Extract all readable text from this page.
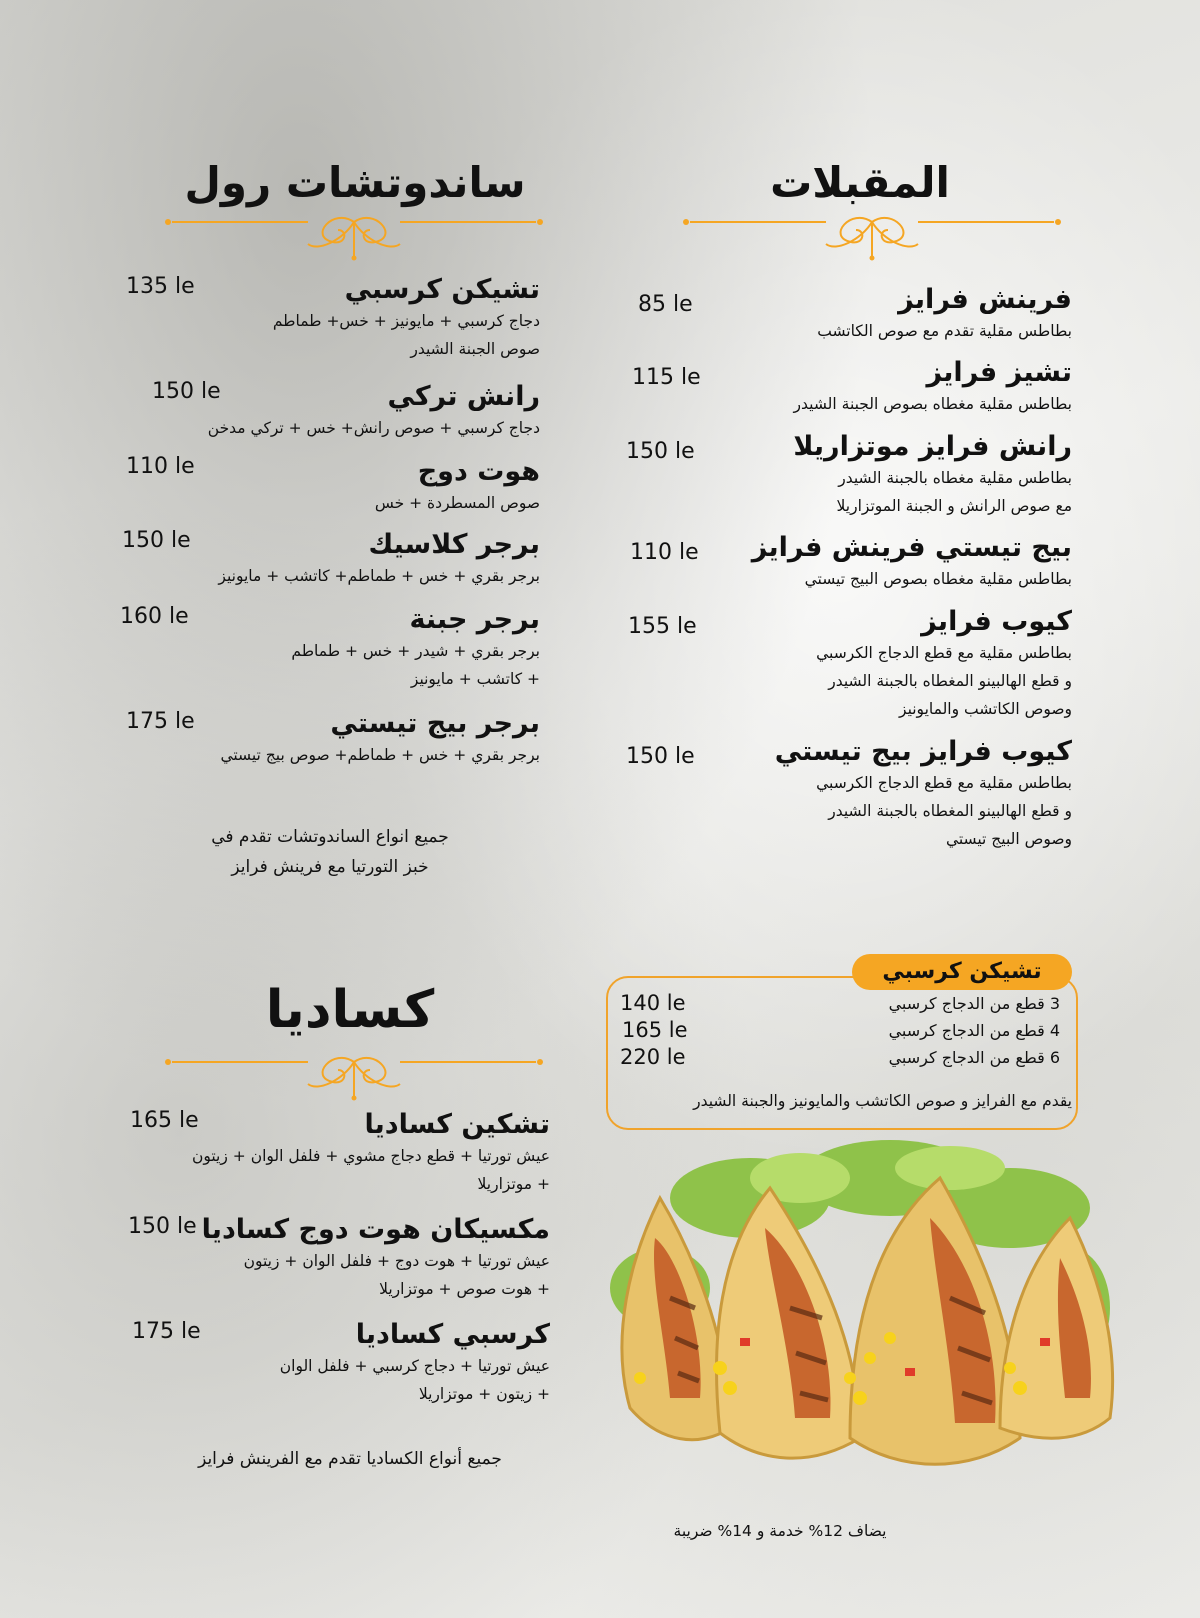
المقبلات
فرينش فرايز
بطاطس مقلية تقدم مع صوص الكاتشب
85 le
تشيز فرايز
بطاطس مقلية مغطاه بصوص الجبنة الشيدر
115 le
رانش فرايز موتزاريلا
بطاطس مقلية مغطاه بالجبنة الشيدر
مع صوص الرانش و الجبنة الموتزاريلا
150 le
بيج تيستي فرينش فرايز
بطاطس مقلية مغطاه بصوص البيج تيستي
110 le
كيوب فرايز
بطاطس مقلية مع قطع الدجاج الكرسبي
و قطع الهالبينو المغطاه بالجبنة الشيدر
وصوص الكاتشب والمايونيز
155 le
كيوب فرايز بيج تيستي
بطاطس مقلية مع قطع الدجاج الكرسبي
و قطع الهالبينو المغطاه بالجبنة الشيدر
وصوص البيج تيستي
150 le
ساندوتشات رول
تشيكن كرسبي
دجاج كرسبي + مايونيز + خس+ طماطم
صوص الجبنة الشيدر
135 le
رانش تركي
دجاج كرسبي + صوص رانش+ خس + تركي مدخن
150 le
هوت دوج
صوص المسطردة + خس
110 le
برجر كلاسيك
برجر بقري + خس + طماطم+ كاتشب + مايونيز
150 le
برجر جبنة
برجر بقري + شيدر + خس + طماطم
+ كاتشب + مايونيز
160 le
برجر بيج تيستي
برجر بقري + خس + طماطم+ صوص بيج تيستي
175 le
جميع انواع الساندوتشات تقدم في
خبز التورتيا مع فرينش فرايز
كساديا
تشكين كساديا
عيش تورتيا + قطع دجاج مشوي + فلفل الوان + زيتون
+ موتزاريلا
165 le
مكسيكان هوت دوج كساديا
عيش تورتيا + هوت دوج + فلفل الوان + زيتون
+ هوت صوص + موتزاريلا
150 le
كرسبي كساديا
عيش تورتيا + دجاج كرسبي + فلفل الوان
+ زيتون + موتزاريلا
175 le
جميع أنواع الكساديا تقدم مع الفرينش فرايز
تشيكن كرسبي
3 قطع من الدجاج كرسبي
140 le
4 قطع من الدجاج كرسبي
165 le
6 قطع من الدجاج كرسبي
220 le
يقدم مع الفرايز و صوص الكاتشب والمايونيز والجبنة الشيدر
يضاف 12% خدمة و 14% ضريبة
